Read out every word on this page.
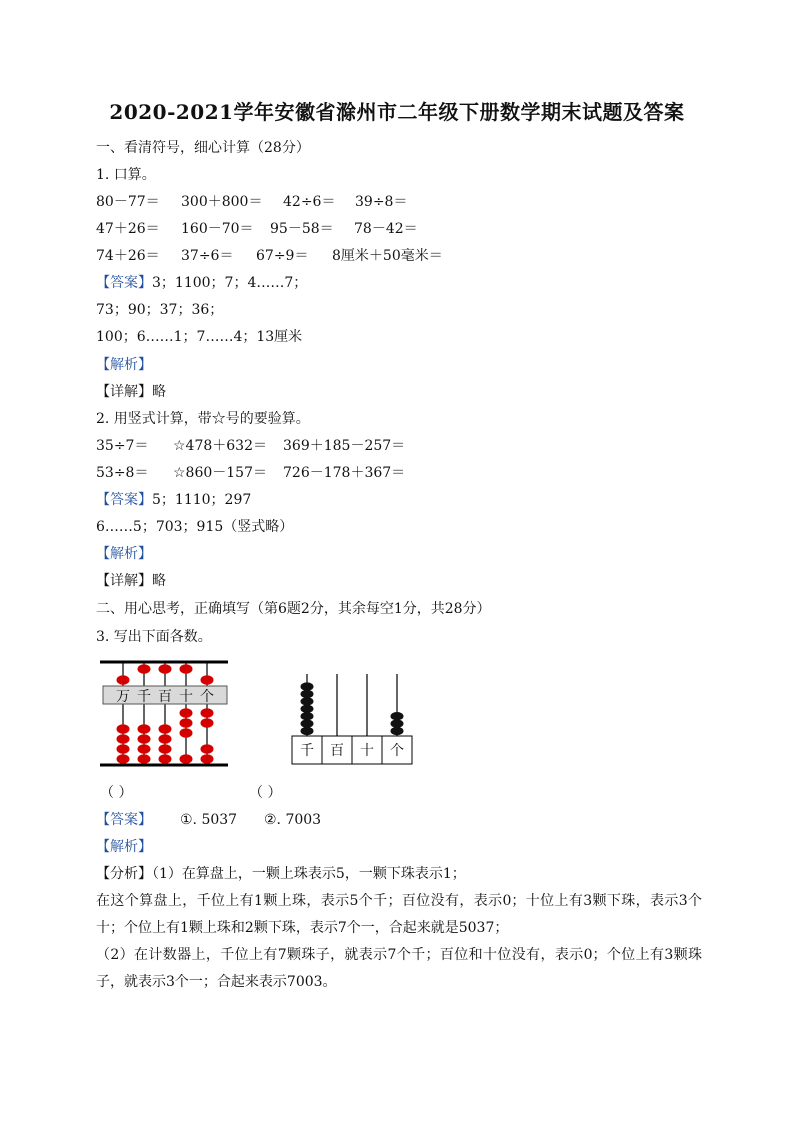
2020-2021学年安徽省滁州市二年级下册数学期末试题及答案
一、看清符号，细心计算（28分）
1. 口算。
80－77＝ 300＋800＝ 42÷6＝ 39÷8＝
47＋26＝ 160－70＝ 95－58＝ 78－42＝
74＋26＝ 37÷6＝ 67÷9＝ 8厘米＋50毫米＝
【答案】3；1100；7；4……7；
73；90；37；36；
100；6……1；7……4；13厘米
【解析】
【详解】略
2. 用竖式计算，带☆号的要验算。
35÷7＝ ☆478＋632＝ 369＋185－257＝
53÷8＝ ☆860－157＝ 726－178＋367＝
【答案】5；1110；297
6……5；703；915（竖式略）
【解析】
【详解】略
二、用心思考，正确填写（第6题2分，其余每空1分，共28分）
3. 写出下面各数。
万 千 百 十 个
千 百 十 个
（ ）	（ ）
【答案】 ①. 5037 ②. 7003
【解析】
【分析】（1）在算盘上，一颗上珠表示5，一颗下珠表示1；
在这个算盘上，千位上有1颗上珠，表示5个千；百位没有，表示0；十位上有3颗下珠，表示3个十；个位上有1颗上珠和2颗下珠，表示7个一，合起来就是5037；
（2）在计数器上，千位上有7颗珠子，就表示7个千；百位和十位没有，表示0；个位上有3颗珠子，就表示3个一；合起来表示7003。
